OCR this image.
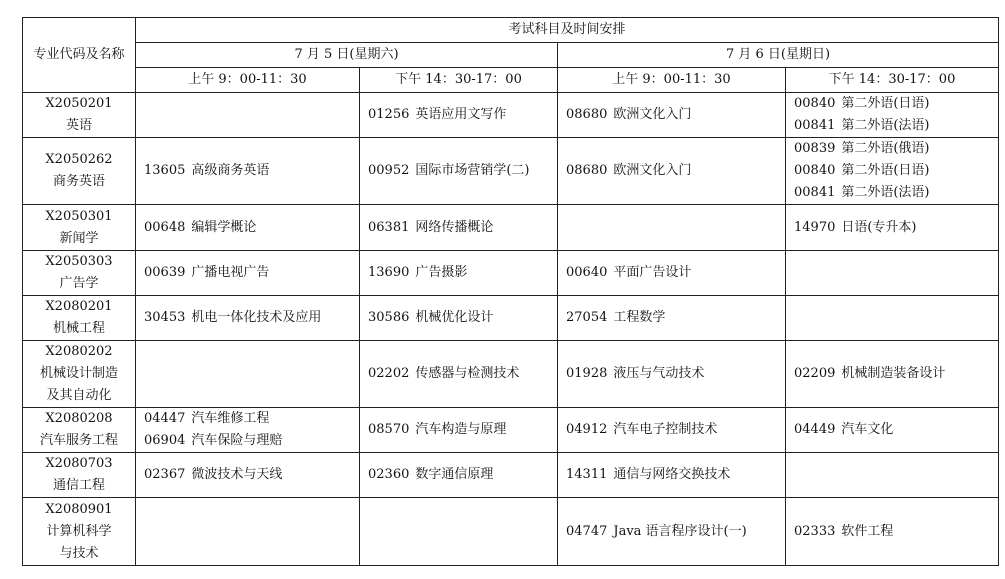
专业代码及名称	考试科目及时间安排			
	7 月 5 日(星期六)		7 月 6 日(星期日)	
	上午 9：00-11：30	下午 14：30-17：00	上午 9：00-11：30	下午 14：30-17：00

X2050201
英语		01256 英语应用文写作	08680 欧洲文化入门	00840 第二外语(日语)
00841 第二外语(法语)

X2050262
商务英语	13605 高级商务英语	00952 国际市场营销学(二)	08680 欧洲文化入门	00839 第二外语(俄语)
00840 第二外语(日语)
00841 第二外语(法语)

X2050301
新闻学	00648 编辑学概论	06381 网络传播概论		14970 日语(专升本)

X2050303
广告学	00639 广播电视广告	13690 广告摄影	00640 平面广告设计	

X2080201
机械工程	30453 机电一体化技术及应用	30586 机械优化设计	27054 工程数学	

X2080202
机械设计制造
及其自动化		02202 传感器与检测技术	01928 液压与气动技术	02209 机械制造装备设计

X2080208
汽车服务工程	04447 汽车维修工程
06904 汽车保险与理赔	08570 汽车构造与原理	04912 汽车电子控制技术	04449 汽车文化

X2080703
通信工程	02367 微波技术与天线	02360 数字通信原理	14311 通信与网络交换技术	

X2080901
计算机科学
与技术			04747 Java 语言程序设计(一)	02333 软件工程
